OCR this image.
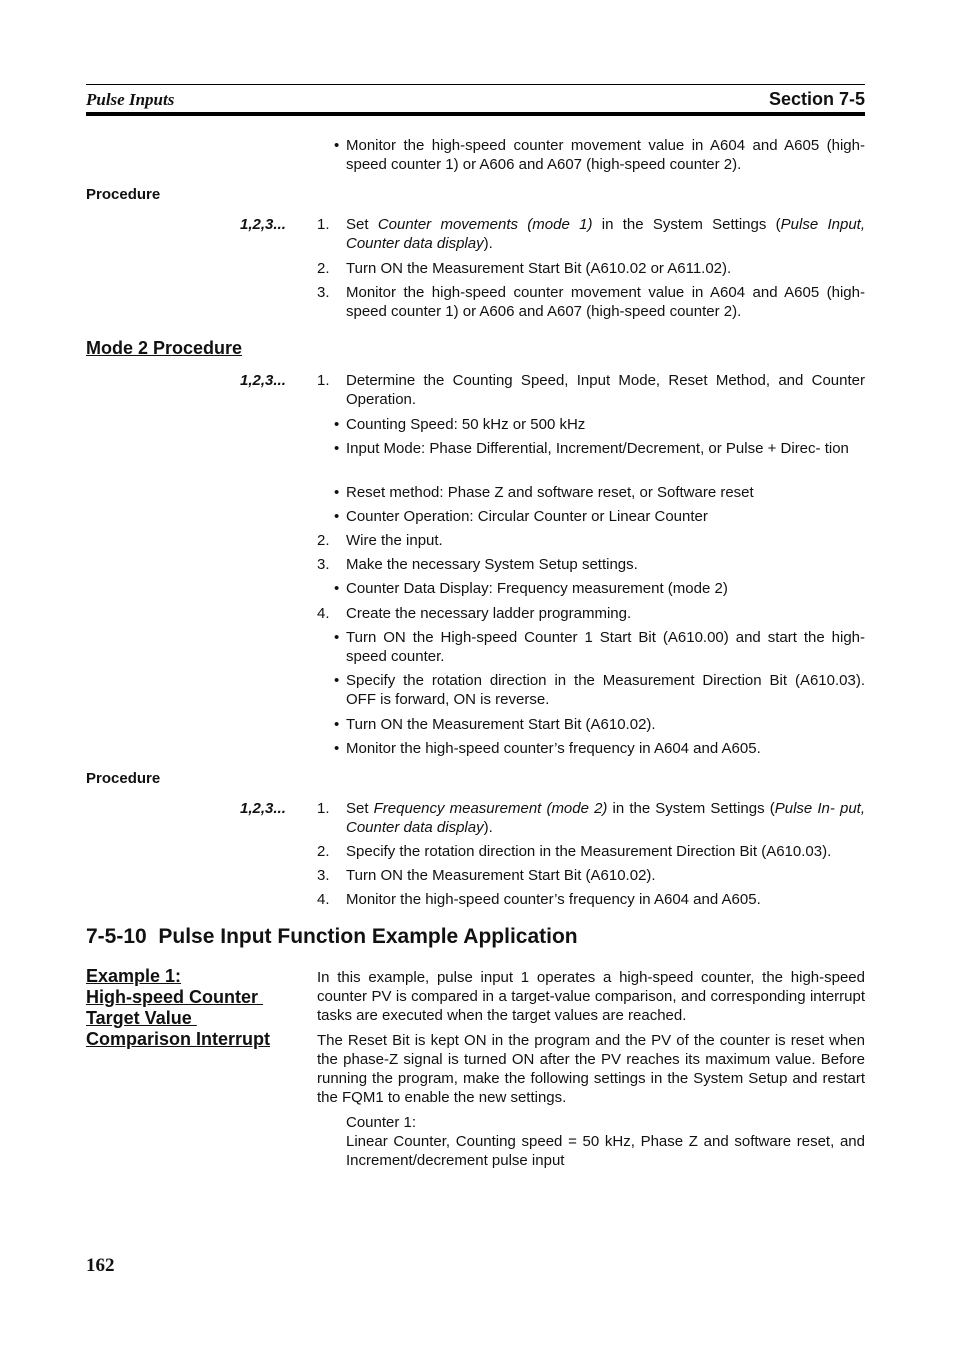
Pulse Inputs	Section 7-5
• Monitor the high-speed counter movement value in A604 and A605 (high-speed counter 1) or A606 and A607 (high-speed counter 2).
Procedure
1,2,3... 1. Set Counter movements (mode 1) in the System Settings (Pulse Input, Counter data display).
2. Turn ON the Measurement Start Bit (A610.02 or A611.02).
3. Monitor the high-speed counter movement value in A604 and A605 (high-speed counter 1) or A606 and A607 (high-speed counter 2).
Mode 2 Procedure
1,2,3... 1. Determine the Counting Speed, Input Mode, Reset Method, and Counter Operation.
• Counting Speed: 50 kHz or 500 kHz
• Input Mode: Phase Differential, Increment/Decrement, or Pulse + Direc- tion
• Reset method: Phase Z and software reset, or Software reset
• Counter Operation: Circular Counter or Linear Counter
2. Wire the input.
3. Make the necessary System Setup settings.
• Counter Data Display: Frequency measurement (mode 2)
4. Create the necessary ladder programming.
• Turn ON the High-speed Counter 1 Start Bit (A610.00) and start the high-speed counter.
• Specify the rotation direction in the Measurement Direction Bit (A610.03). OFF is forward, ON is reverse.
• Turn ON the Measurement Start Bit (A610.02).
• Monitor the high-speed counter’s frequency in A604 and A605.
Procedure
1,2,3... 1. Set Frequency measurement (mode 2) in the System Settings (Pulse In- put, Counter data display).
2. Specify the rotation direction in the Measurement Direction Bit (A610.03).
3. Turn ON the Measurement Start Bit (A610.02).
4. Monitor the high-speed counter’s frequency in A604 and A605.
7-5-10  Pulse Input Function Example Application
Example 1:
High-speed Counter
Target Value
Comparison Interrupt
In this example, pulse input 1 operates a high-speed counter, the high-speed counter PV is compared in a target-value comparison, and corresponding interrupt tasks are executed when the target values are reached.
The Reset Bit is kept ON in the program and the PV of the counter is reset when the phase-Z signal is turned ON after the PV reaches its maximum value. Before running the program, make the following settings in the System Setup and restart the FQM1 to enable the new settings.
Counter 1:
Linear Counter, Counting speed = 50 kHz, Phase Z and software reset, and Increment/decrement pulse input
162
